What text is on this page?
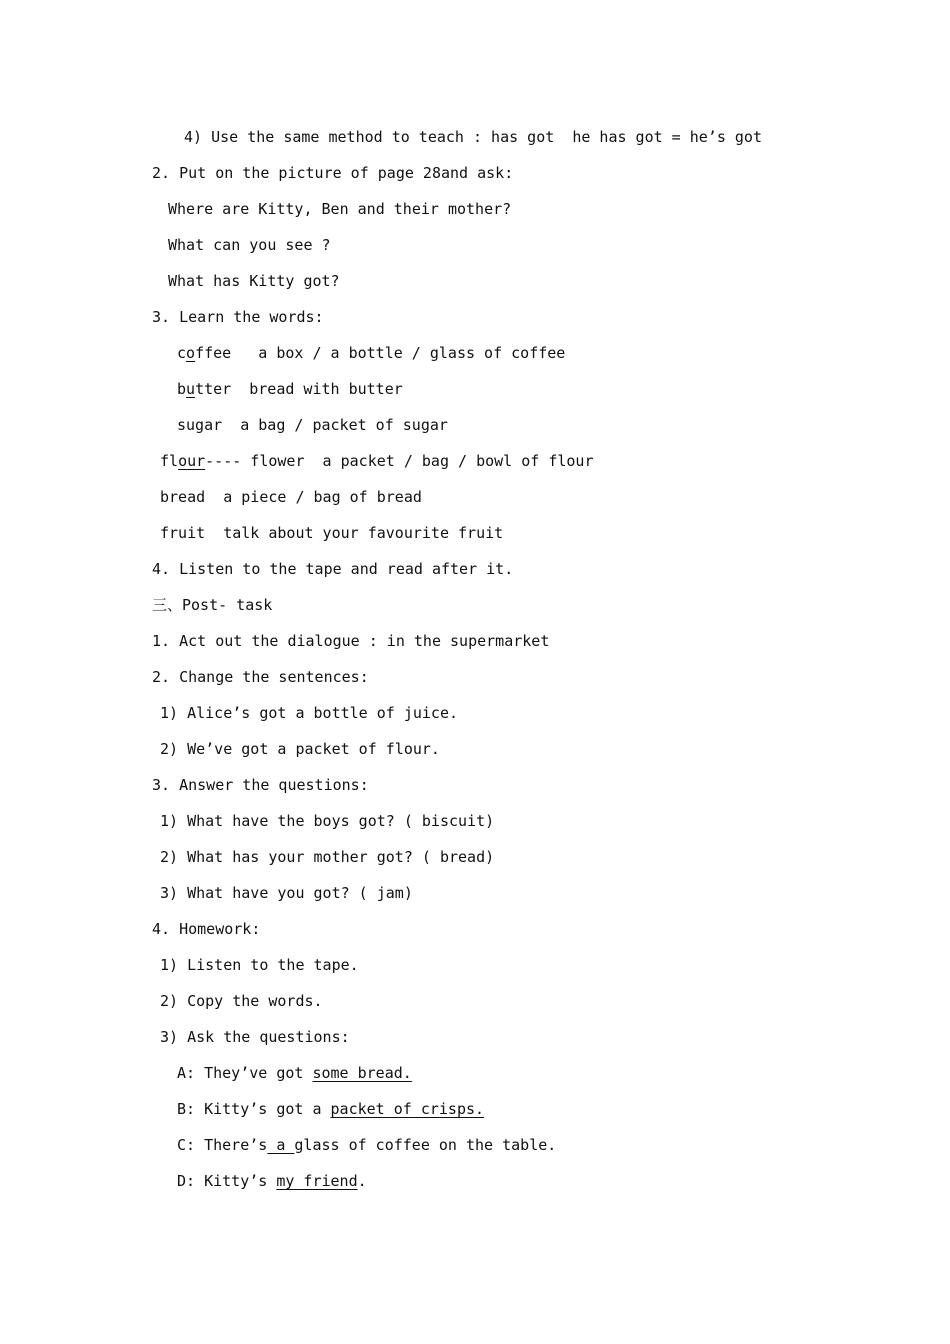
4) Use the same method to teach : has got  he has got = he’s got
2. Put on the picture of page 28and ask:
Where are Kitty, Ben and their mother?
What can you see ?
What has Kitty got?
3. Learn the words:
coffee   a box / a bottle / glass of coffee
butter  bread with butter
sugar  a bag / packet of sugar
flour---- flower  a packet / bag / bowl of flour
bread  a piece / bag of bread
fruit  talk about your favourite fruit
4. Listen to the tape and read after it.
三、Post- task
1. Act out the dialogue : in the supermarket
2. Change the sentences:
1) Alice’s got a bottle of juice.
2) We’ve got a packet of flour.
3. Answer the questions:
1) What have the boys got? ( biscuit)
2) What has your mother got? ( bread)
3) What have you got? ( jam)
4. Homework:
1) Listen to the tape.
2) Copy the words.
3) Ask the questions:
A: They’ve got some bread.
B: Kitty’s got a packet of crisps.
C: There’s a glass of coffee on the table.
D: Kitty’s my friend.
